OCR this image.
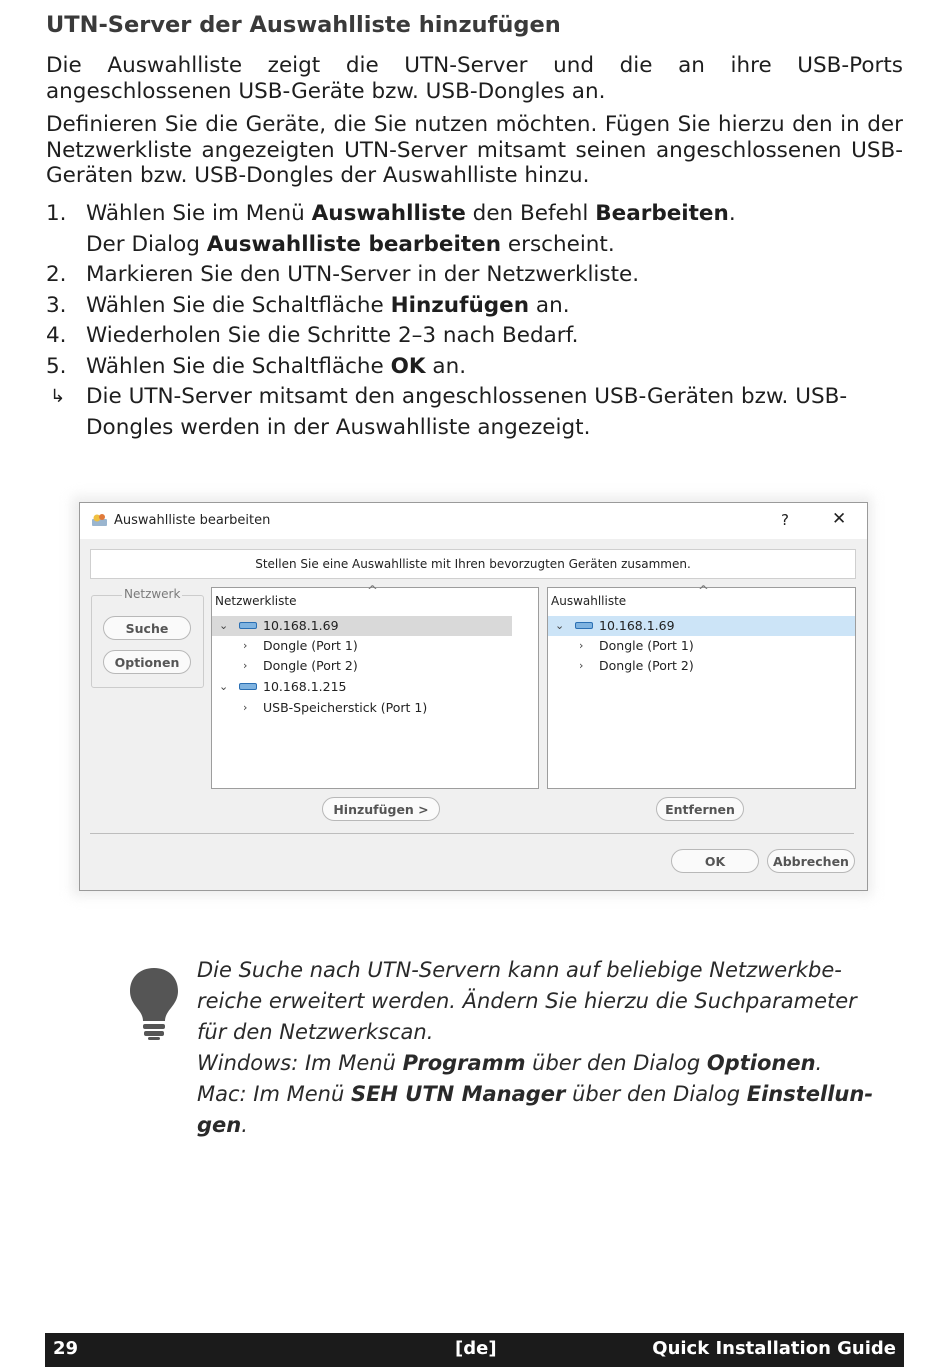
UTN-Server der Auswahlliste hinzufügen
Die Auswahlliste zeigt die UTN-Server und die an ihre USB-Ports
angeschlossenen USB-Geräte bzw. USB-Dongles an.
Definieren Sie die Geräte, die Sie nutzen möchten. Fügen Sie hierzu den in der
Netzwerkliste angezeigten UTN-Server mitsamt seinen angeschlossenen USB-
Geräten bzw. USB-Dongles der Auswahlliste hinzu.
1. Wählen Sie im Menü Auswahlliste den Befehl Bearbeiten.
Der Dialog Auswahlliste bearbeiten erscheint.
2. Markieren Sie den UTN-Server in der Netzwerkliste.
3. Wählen Sie die Schaltfläche Hinzufügen an.
4. Wiederholen Sie die Schritte 2–3 nach Bedarf.
5. Wählen Sie die Schaltfläche OK an.
↳ Die UTN-Server mitsamt den angeschlossenen USB-Geräten bzw. USB-
Dongles werden in der Auswahlliste angezeigt.
Auswahlliste bearbeiten	?	✕
Stellen Sie eine Auswahlliste mit Ihren bevorzugten Geräten zusammen.
Netzwerk
Suche
Optionen
^
Netzwerkliste
⌄	10.168.1.69
› Dongle (Port 1)
› Dongle (Port 2)
⌄	10.168.1.215
› USB-Speicherstick (Port 1)
^
Auswahlliste
⌄	10.168.1.69
› Dongle (Port 1)
› Dongle (Port 2)
Hinzufügen >	Entfernen
OK	Abbrechen
Die Suche nach UTN-Servern kann auf beliebige Netzwerkbe-
reiche erweitert werden. Ändern Sie hierzu die Suchparameter
für den Netzwerkscan.
Windows: Im Menü Programm über den Dialog Optionen.
Mac: Im Menü SEH UTN Manager über den Dialog Einstellun-
gen.
29	[de]	Quick Installation Guide
